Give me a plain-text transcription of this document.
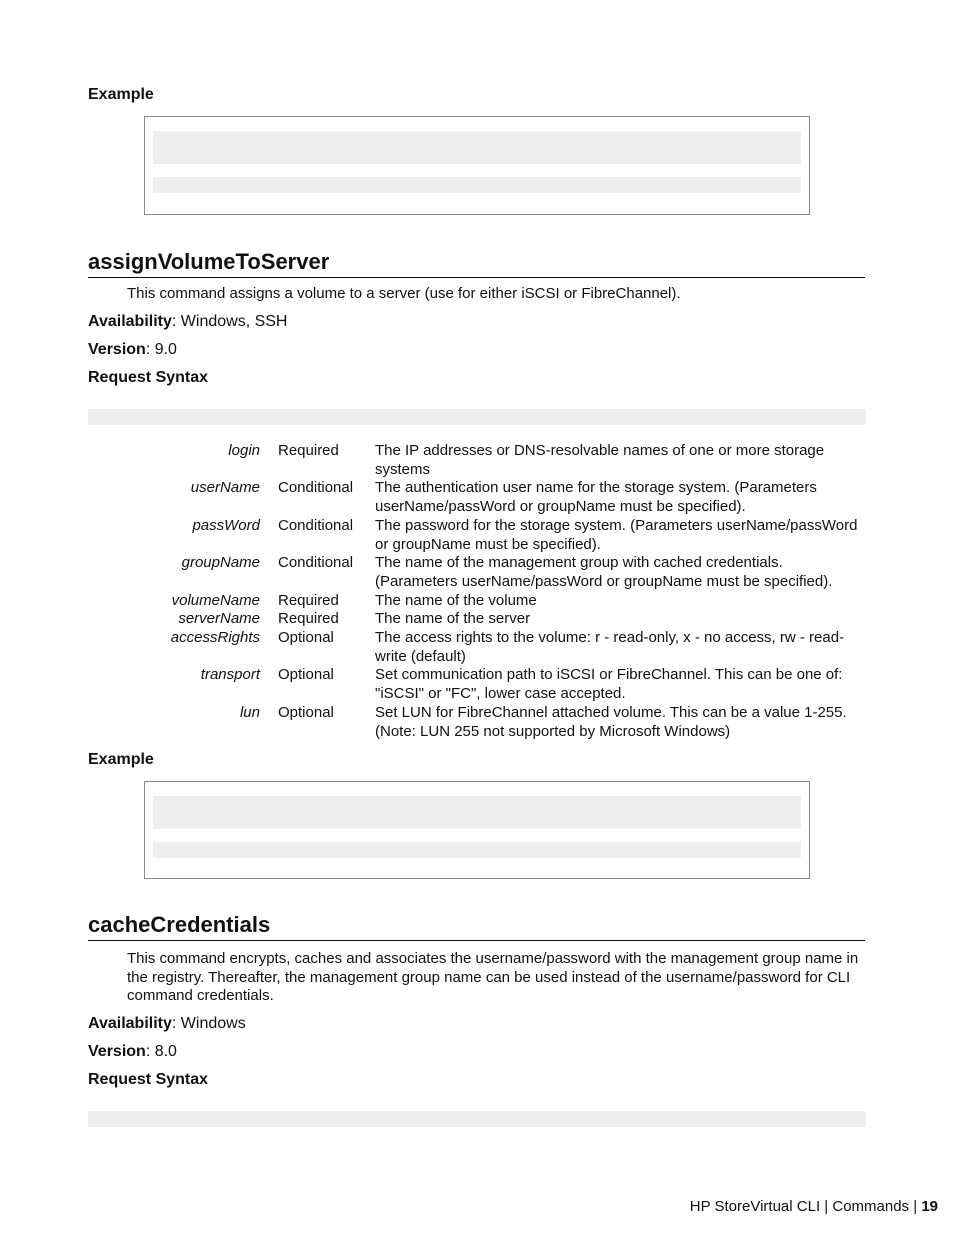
Example
assignVolumeToServer
This command assigns a volume to a server (use for either iSCSI or FibreChannel).
Availability: Windows, SSH
Version: 9.0
Request Syntax
login Required The IP addresses or DNS-resolvable names of one or more storage systems
userName Conditional The authentication user name for the storage system. (Parameters userName/passWord or groupName must be specified).
passWord Conditional The password for the storage system. (Parameters userName/passWord or groupName must be specified).
groupName Conditional The name of the management group with cached credentials. (Parameters userName/passWord or groupName must be specified).
volumeName Required The name of the volume
serverName Required The name of the server
accessRights Optional	The access rights to the volume: r - read-only, x - no access, rw - read-write (default)
transport Optional	Set communication path to iSCSI or FibreChannel. This can be one of: "iSCSI" or "FC", lower case accepted.
lun Optional	Set LUN for FibreChannel attached volume. This can be a value 1-255. (Note: LUN 255 not supported by Microsoft Windows)
Example
cacheCredentials
This command encrypts, caches and associates the username/password with the management group name in the registry. Thereafter, the management group name can be used instead of the username/password for CLI command credentials.
Availability: Windows
Version: 8.0
Request Syntax
HP StoreVirtual CLI | Commands | 19
